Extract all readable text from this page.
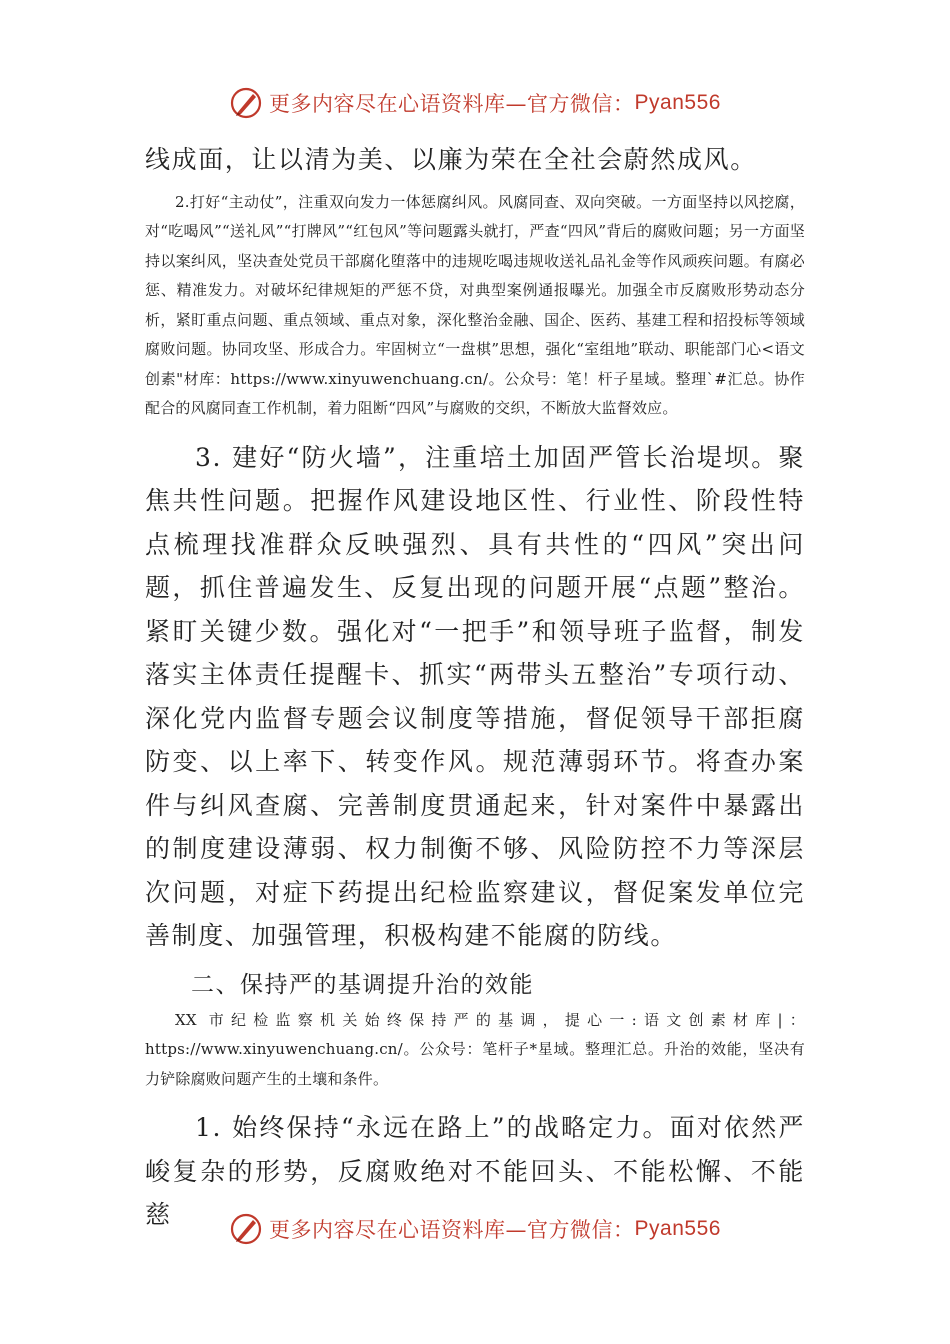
更多内容尽在心语资料库—官方微信： Pyan556

线成面，让以清为美、以廉为荣在全社会蔚然成风。

2.打好“主动仗”，注重双向发力一体惩腐纠风。风腐同查、双向突破。一方面坚持以风挖腐，对“吃喝风”“送礼风”“打牌风”“红包风”等问题露头就打，严查“四风”背后的腐败问题；另一方面坚持以案纠风，坚决查处党员干部腐化堕落中的违规吃喝违规收送礼品礼金等作风顽疾问题。有腐必惩、精准发力。对破坏纪律规矩的严惩不贷，对典型案例通报曝光。加强全市反腐败形势动态分析，紧盯重点问题、重点领域、重点对象，深化整治金融、国企、医药、基建工程和招投标等领域腐败问题。协同攻坚、形成合力。牢固树立“一盘棋”思想，强化“室组地”联动、职能部门心<语文创素"材库：https://www.xinyuwenchuang.cn/。公众号：笔！杆子星域。整理`#汇总。协作配合的风腐同查工作机制，着力阻断“四风”与腐败的交织，不断放大监督效应。

3. 建好“防火墙”，注重培土加固严管长治堤坝。聚焦共性问题。把握作风建设地区性、行业性、阶段性特点梳理找准群众反映强烈、具有共性的“四风”突出问题，抓住普遍发生、反复出现的问题开展“点题”整治。紧盯关键少数。强化对“一把手”和领导班子监督，制发落实主体责任提醒卡、抓实“两带头五整治”专项行动、深化党内监督专题会议制度等措施，督促领导干部拒腐防变、以上率下、转变作风。规范薄弱环节。将查办案件与纠风查腐、完善制度贯通起来，针对案件中暴露出的制度建设薄弱、权力制衡不够、风险防控不力等深层次问题，对症下药提出纪检监察建议，督促案发单位完善制度、加强管理，积极构建不能腐的防线。

二、保持严的基调提升治的效能

XX 市纪检监察机关始终保持严的基调，提心一:语文创素材库|：https://www.xinyuwenchuang.cn/。公众号：笔杆子*星域。整理汇总。升治的效能，坚决有力铲除腐败问题产生的土壤和条件。

1. 始终保持“永远在路上”的战略定力。面对依然严峻复杂的形势，反腐败绝对不能回头、不能松懈、不能慈

更多内容尽在心语资料库—官方微信： Pyan556
